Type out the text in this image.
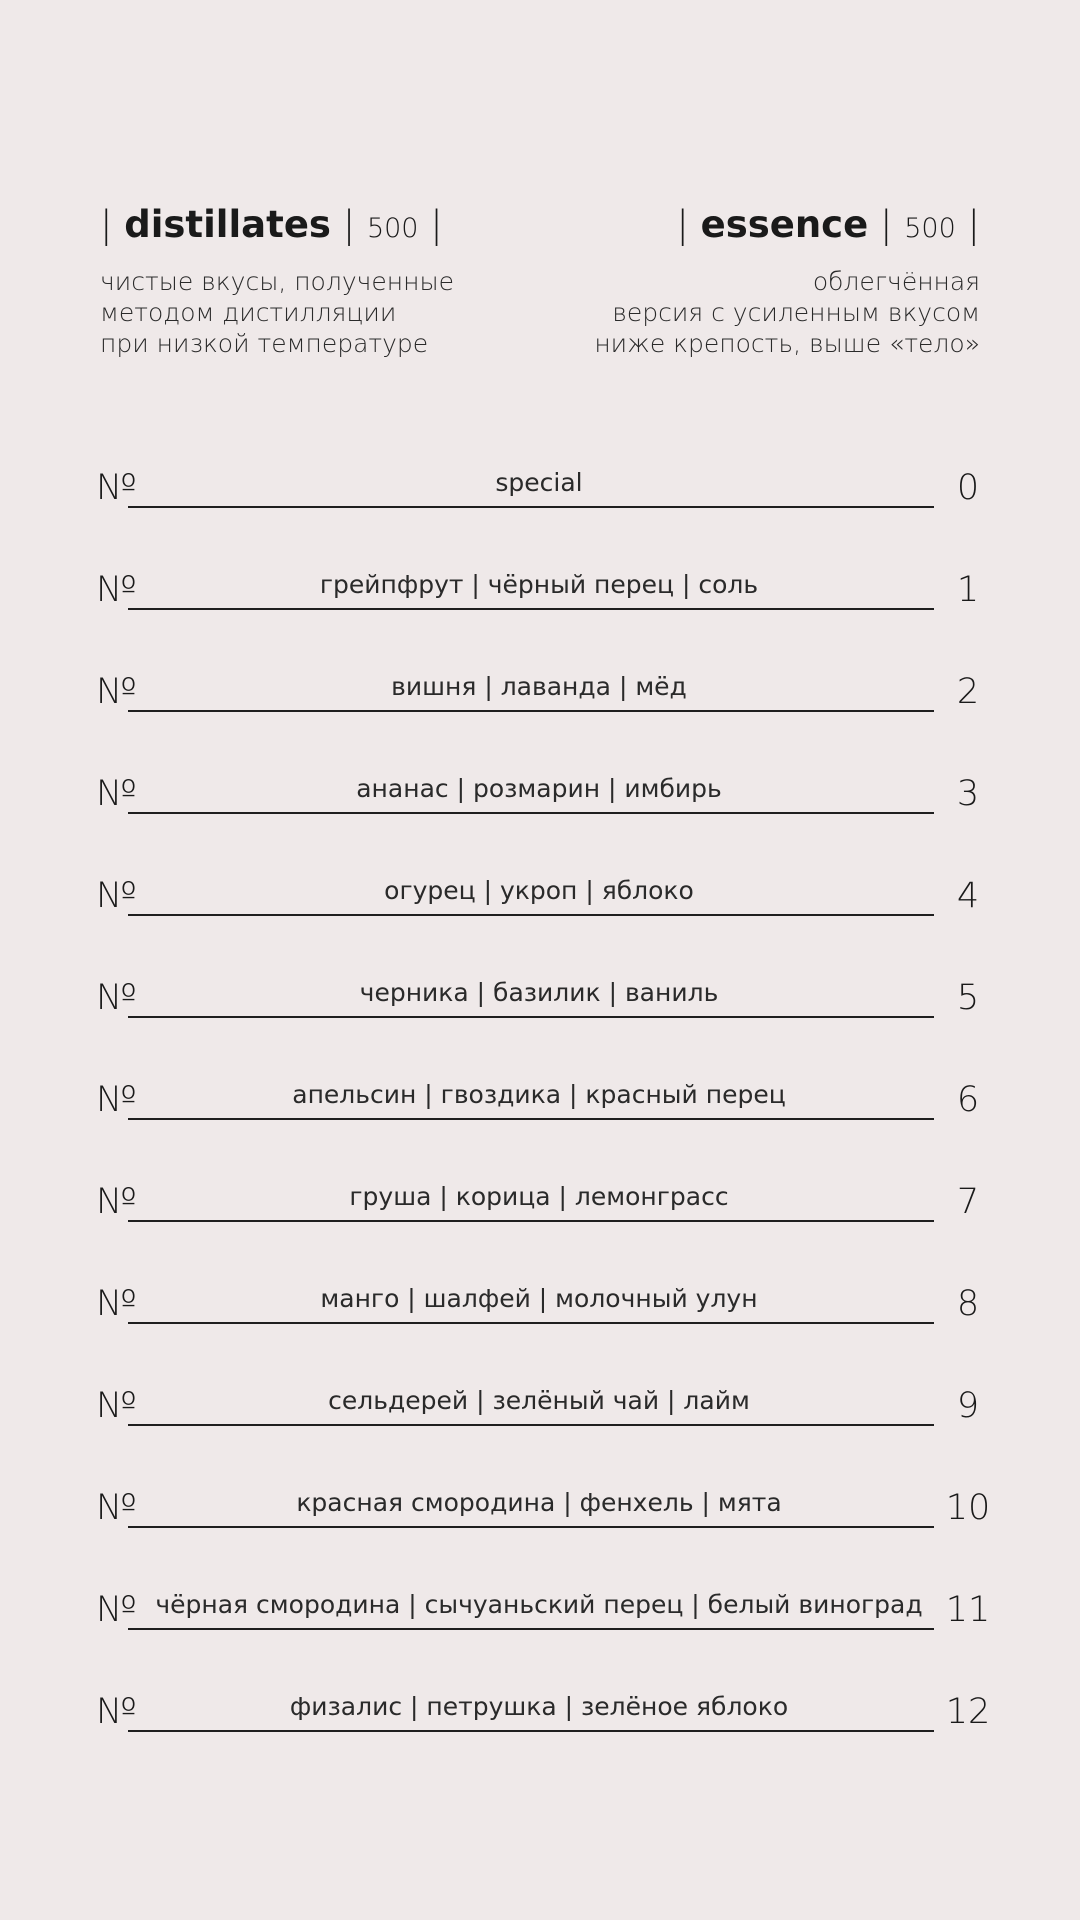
| distillates | 500 |
чистые вкусы, полученные
методом дистилляции
при низкой температуре
| essence | 500 |
облегчённая
версия с усиленным вкусом
ниже крепость, выше «тело»
№	special	0
№	грейпфрут | чёрный перец | соль	1
№	вишня | лаванда | мёд	2
№	ананас | розмарин | имбирь	3
№	огурец | укроп | яблоко	4
№	черника | базилик | ваниль	5
№	апельсин | гвоздика | красный перец	6
№	груша | корица | лемонграсс	7
№	манго | шалфей | молочный улун	8
№	сельдерей | зелёный чай | лайм	9
№	красная смородина | фенхель | мята	10
№ чёрная смородина | сычуаньский перец | белый виноград 11
№	физалис | петрушка | зелёное яблоко	12
